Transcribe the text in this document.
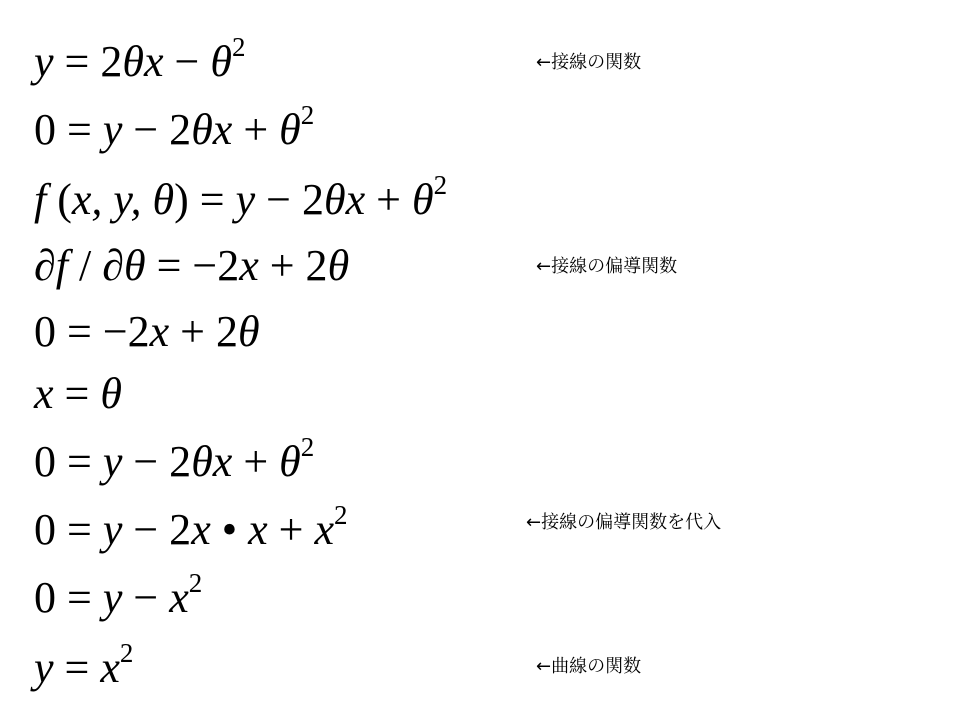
$y = 2\theta x - \theta^2$
←接線の関数
$0 = y - 2\theta x + \theta^2$
f (x, y, $\theta) = y - 2\theta x + \theta^2$
∂f / ∂θ = −2x + 2θ	←接線の偏導関数
0 = −2x + 2θ
x = θ
$0 = y - 2\theta x + \theta^2$
0 = y − 2x • $x + x^2$	←接線の偏導関数を代入
$0 = y - x^2$
$y = x^2$	←曲線の関数
